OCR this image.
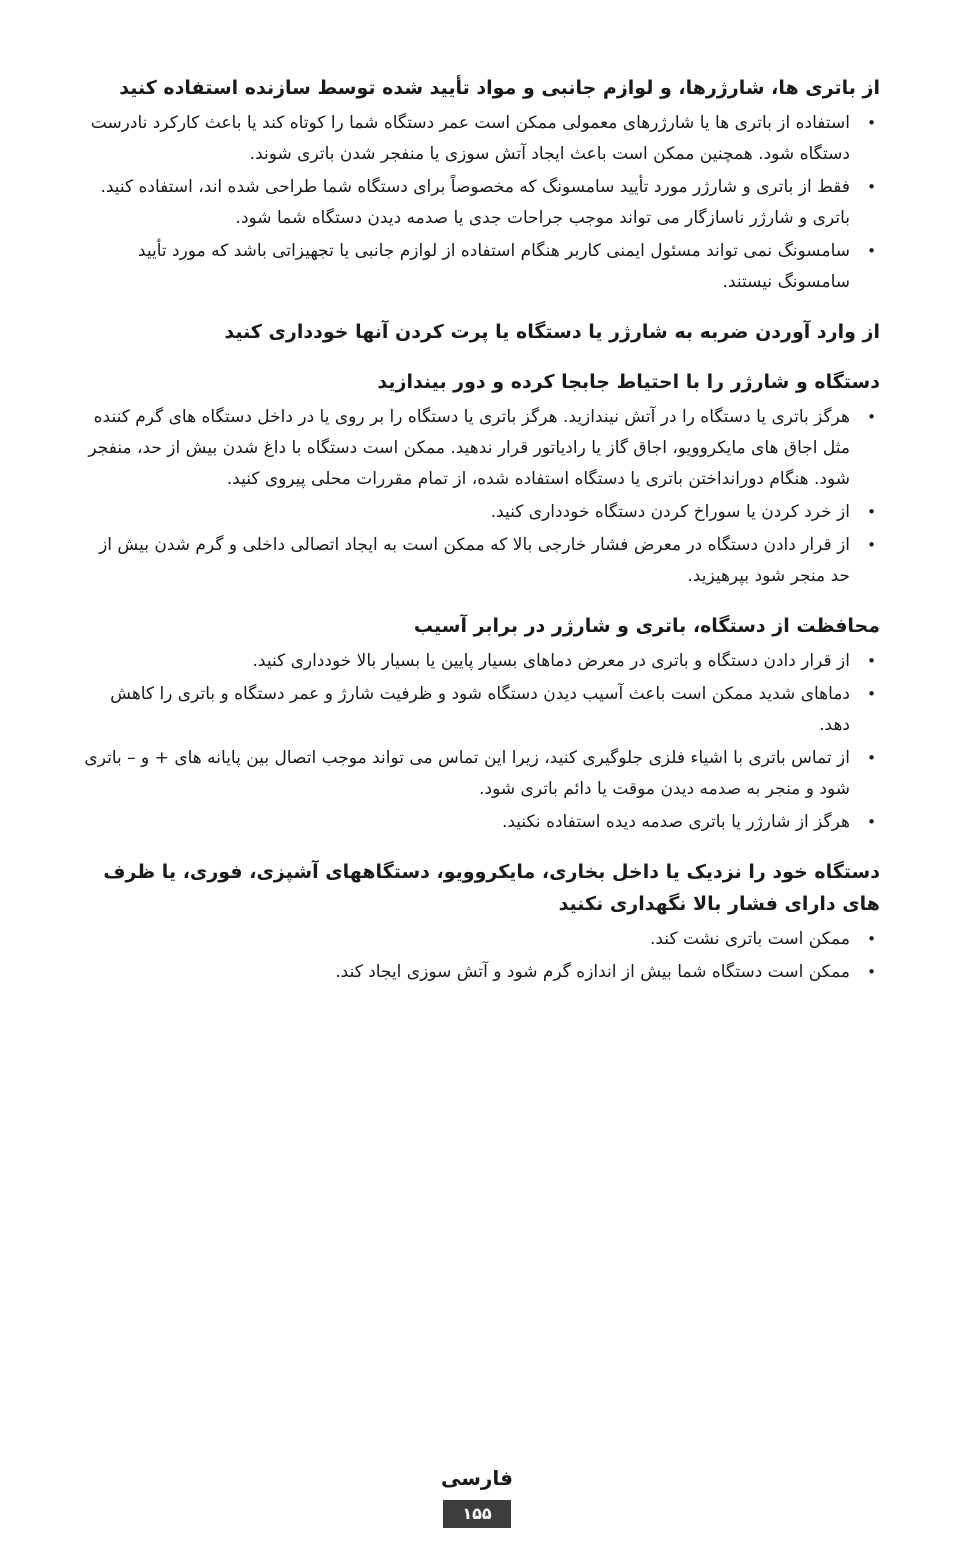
از باتری ها، شارژرها، و لوازم جانبی و مواد تأیید شده توسط سازنده استفاده کنید
•
استفاده از باتری ها یا شارژرهای معمولی ممکن است عمر دستگاه شما را کوتاه کند یا باعث کارکرد نادرست دستگاه شود. همچنین ممکن است باعث ایجاد آتش سوزی یا منفجر شدن باتری شوند.
•
فقط از باتری و شارژر مورد تأیید سامسونگ که مخصوصاً برای دستگاه شما طراحی شده اند، استفاده کنید. باتری و شارژر ناسازگار می تواند موجب جراحات جدی یا صدمه دیدن دستگاه شما شود.
•
سامسونگ نمی تواند مسئول ایمنی کاربر هنگام استفاده از لوازم جانبی یا تجهیزاتی باشد که مورد تأیید سامسونگ نیستند.
از وارد آوردن ضربه به شارژر یا دستگاه یا پرت کردن آنها خودداری کنید
دستگاه و شارژر را با احتیاط جابجا کرده و دور بیندازید
•
هرگز باتری یا دستگاه را در آتش نیندازید. هرگز باتری یا دستگاه را بر روی یا در داخل دستگاه های گرم کننده مثل اجاق های مایکروویو، اجاق گاز یا رادیاتور قرار ندهید. ممکن است دستگاه با داغ شدن بیش از حد، منفجر شود. هنگام دورانداختن باتری یا دستگاه استفاده شده، از تمام مقررات محلی پیروی کنید.
•
از خرد کردن یا سوراخ کردن دستگاه خودداری کنید.
•
از قرار دادن دستگاه در معرض فشار خارجی بالا که ممکن است به ایجاد اتصالی داخلی و گرم شدن بیش از حد منجر شود بپرهیزید.
محافظت از دستگاه، باتری و شارژر در برابر آسیب
•
از قرار دادن دستگاه و باتری در معرض دماهای بسیار پایین یا بسیار بالا خودداری کنید.
•
دماهای شدید ممکن است باعث آسیب دیدن دستگاه شود و ظرفیت شارژ و عمر دستگاه و باتری را کاهش دهد.
•
از تماس باتری با اشیاء فلزی جلوگیری کنید، زیرا این تماس می تواند موجب اتصال بین پایانه های + و – باتری شود و منجر به صدمه دیدن موقت یا دائم باتری شود.
•
هرگز از شارژر یا باتری صدمه دیده استفاده نکنید.
دستگاه خود را نزدیک یا داخل بخاری، مایکروویو، دستگاههای آشپزی، فوری، یا ظرف های دارای فشار بالا نگهداری نکنید
•
ممکن است باتری نشت کند.
•
ممکن است دستگاه شما بیش از اندازه گرم شود و آتش سوزی ایجاد کند.
فارسی
۱۵۵
